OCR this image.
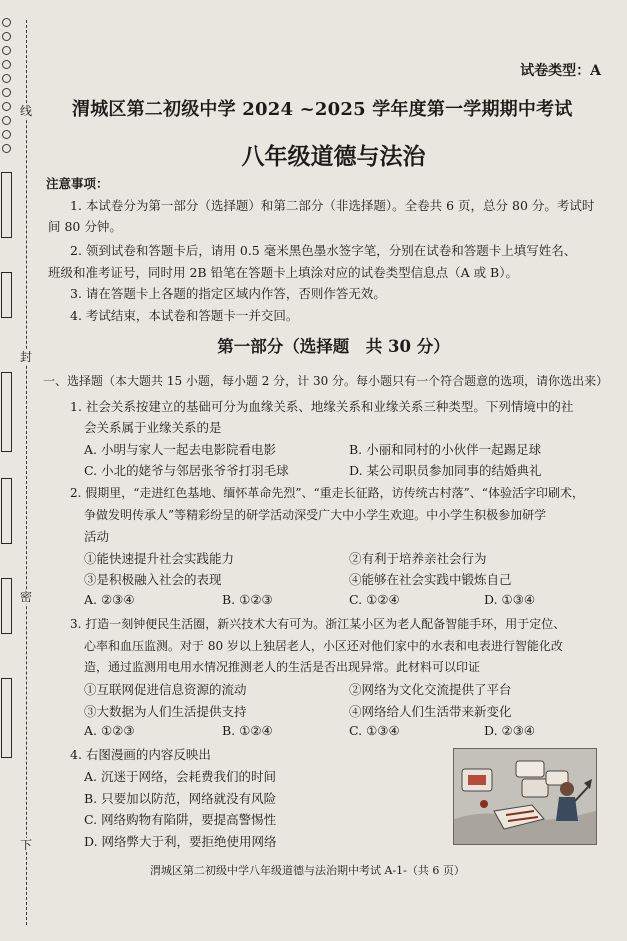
线
封
密
下
试卷类型：A
渭城区第二初级中学 2024 ~2025 学年度第一学期期中考试
八年级道德与法治
注意事项：
1. 本试卷分为第一部分（选择题）和第二部分（非选择题）。全卷共 6 页，总分 80 分。考试时
间 80 分钟。
2. 领到试卷和答题卡后，请用 0.5 毫米黑色墨水签字笔，分别在试卷和答题卡上填写姓名、
班级和准考证号，同时用 2B 铅笔在答题卡上填涂对应的试卷类型信息点（A 或 B）。
3. 请在答题卡上各题的指定区域内作答，否则作答无效。
4. 考试结束，本试卷和答题卡一并交回。
第一部分（选择题　共 30 分）
一、选择题（本大题共 15 小题，每小题 2 分，计 30 分。每小题只有一个符合题意的选项，请你选出来）
1. 社会关系按建立的基础可分为血缘关系、地缘关系和业缘关系三种类型。下列情境中的社
会关系属于业缘关系的是
A. 小明与家人一起去电影院看电影	B. 小丽和同村的小伙伴一起踢足球
C. 小北的姥爷与邻居张爷爷打羽毛球	D. 某公司职员参加同事的结婚典礼
2. 假期里，“走进红色基地、缅怀革命先烈”、“重走长征路，访传统古村落”、“体验活字印刷术，
争做发明传承人”等精彩纷呈的研学活动深受广大中小学生欢迎。中小学生积极参加研学
活动
①能快速提升社会实践能力	②有利于培养亲社会行为
③是积极融入社会的表现	④能够在社会实践中锻炼自己
A. ②③④	B. ①②③	C. ①②④	D. ①③④
3. 打造一刻钟便民生活圈，新兴技术大有可为。浙江某小区为老人配备智能手环，用于定位、
心率和血压监测。对于 80 岁以上独居老人，小区还对他们家中的水表和电表进行智能化改
造，通过监测用电用水情况推测老人的生活是否出现异常。此材料可以印证
①互联网促进信息资源的流动	②网络为文化交流提供了平台
③大数据为人们生活提供支持	④网络给人们生活带来新变化
A. ①②③	B. ①②④	C. ①③④	D. ②③④
4. 右图漫画的内容反映出
A. 沉迷于网络，会耗费我们的时间
B. 只要加以防范，网络就没有风险
C. 网络购物有陷阱，要提高警惕性
D. 网络弊大于利，要拒绝使用网络
渭城区第二初级中学八年级道德与法治期中考试 A-1-（共 6 页）
